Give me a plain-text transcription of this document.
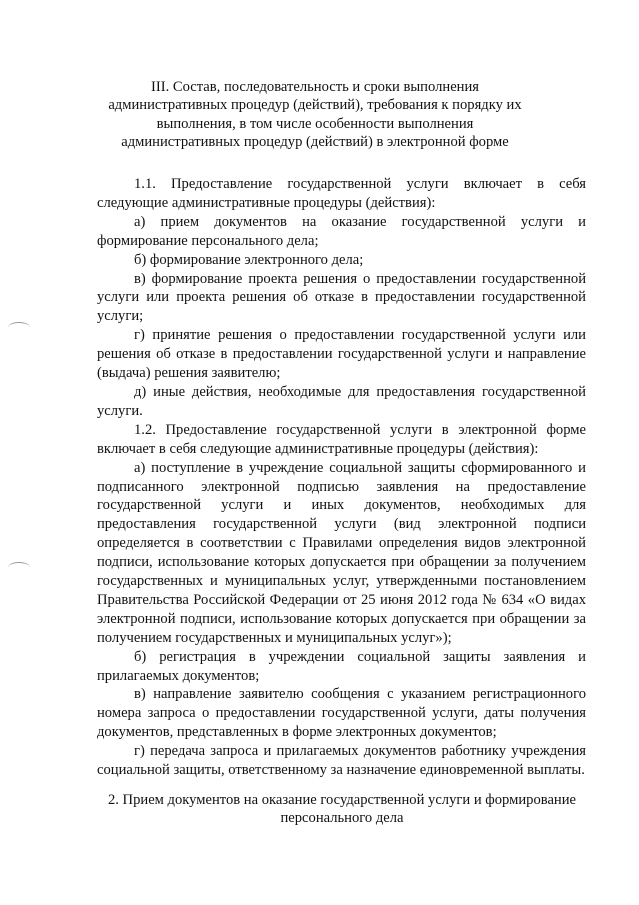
III. Состав, последовательность и сроки выполнения административных процедур (действий), требования к порядку их выполнения, в том числе особенности выполнения административных процедур (действий) в электронной форме

1.1. Предоставление государственной услуги включает в себя следующие административные процедуры (действия):

а) прием документов на оказание государственной услуги и формирование персонального дела;

б) формирование электронного дела;

в) формирование проекта решения о предоставлении государственной услуги или проекта решения об отказе в предоставлении государственной услуги;

г) принятие решения о предоставлении государственной услуги или решения об отказе в предоставлении государственной услуги и направление (выдача) решения заявителю;

д) иные действия, необходимые для предоставления государственной услуги.

1.2. Предоставление государственной услуги в электронной форме включает в себя следующие административные процедуры (действия):

а) поступление в учреждение социальной защиты сформированного и подписанного электронной подписью заявления на предоставление государственной услуги и иных документов, необходимых для предоставления государственной услуги (вид электронной подписи определяется в соответствии с Правилами определения видов электронной подписи, использование которых допускается при обращении за получением государственных и муниципальных услуг, утвержденными постановлением Правительства Российской Федерации от 25 июня 2012 года № 634 «О видах электронной подписи, использование которых допускается при обращении за получением государственных и муниципальных услуг»);

б) регистрация в учреждении социальной защиты заявления и прилагаемых документов;

в) направление заявителю сообщения с указанием регистрационного номера запроса о предоставлении государственной услуги, даты получения документов, представленных в форме электронных документов;

г) передача запроса и прилагаемых документов работнику учреждения социальной защиты, ответственному за назначение единовременной выплаты.

2. Прием документов на оказание государственной услуги и формирование персонального дела
